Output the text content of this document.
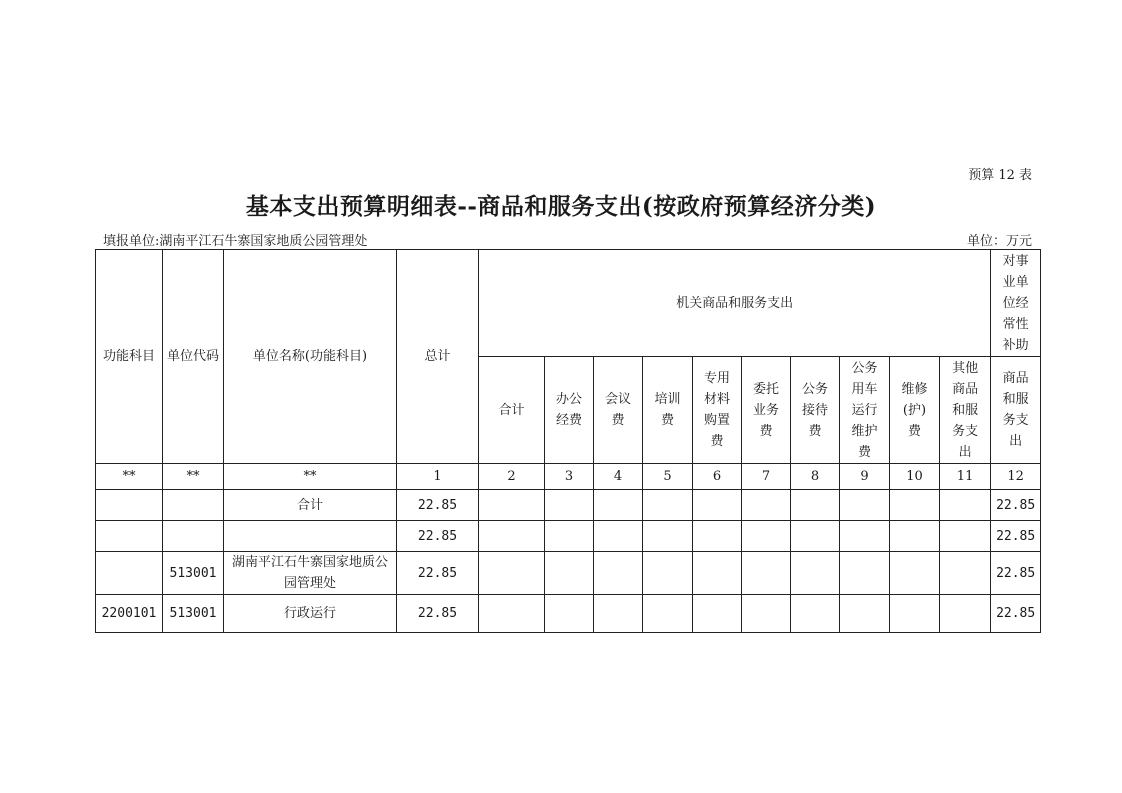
预算 12 表
基本支出预算明细表--商品和服务支出(按政府预算经济分类)
填报单位:湖南平江石牛寨国家地质公园管理处	单位：万元
功能科目	单位代码	单位名称(功能科目)	总计	机关商品和服务支出										对事业单位经常性补助
				合计	办公经费	会议费	培训费	专用材料购置费	委托业务费	公务接待费	公务用车运行维护费	维修(护)费	其他商品和服务支出	商品和服务支出
**	**	**	1	2	3	4	5	6	7	8	9	10	11	12
		合计	22.85											22.85
			22.85											22.85
	513001	湖南平江石牛寨国家地质公园管理处	22.85											22.85
2200101	513001	行政运行	22.85											22.85
